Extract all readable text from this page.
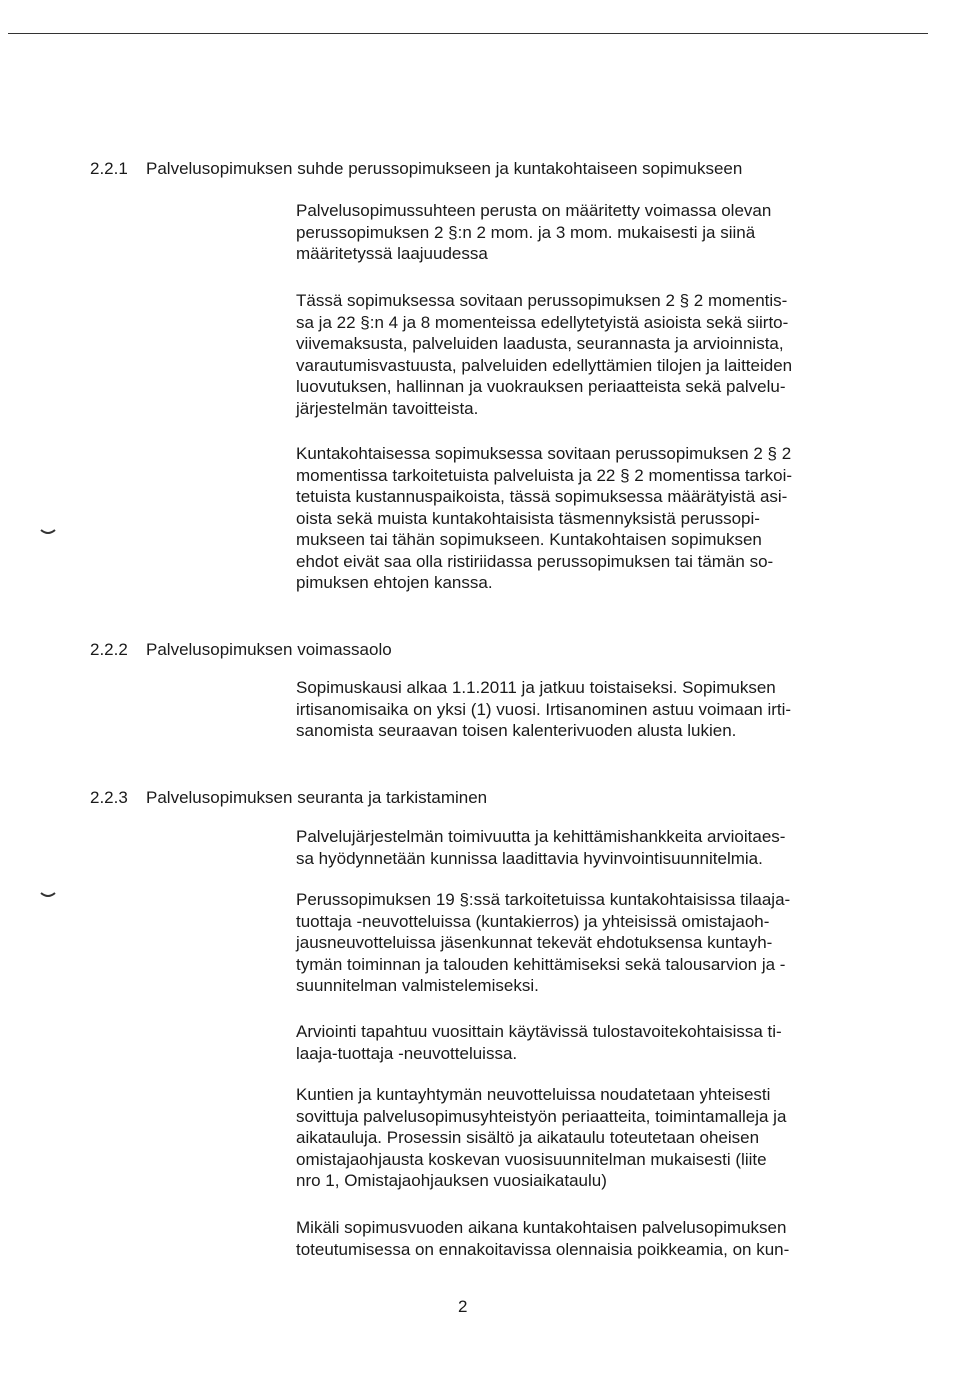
2.2.1 Palvelusopimuksen suhde perussopimukseen ja kuntakohtaiseen sopimukseen

Palvelusopimussuhteen perusta on määritetty voimassa olevan
perussopimuksen 2 §:n 2 mom. ja 3 mom. mukaisesti ja siinä
määritetyssä laajuudessa

Tässä sopimuksessa sovitaan perussopimuksen 2 § 2 momentis-
sa ja 22 §:n 4 ja 8 momenteissa edellytetyistä asioista sekä siirto-
viivemaksusta, palveluiden laadusta, seurannasta ja arvioinnista,
varautumisvastuusta, palveluiden edellyttämien tilojen ja laitteiden
luovutuksen, hallinnan ja vuokrauksen periaatteista sekä palvelu-
järjestelmän tavoitteista.

Kuntakohtaisessa sopimuksessa sovitaan perussopimuksen 2 § 2
momentissa tarkoitetuista palveluista ja 22 § 2 momentissa tarkoi-
tetuista kustannuspaikoista, tässä sopimuksessa määrätyistä asi-
oista sekä muista kuntakohtaisista täsmennyksistä perussopi-
mukseen tai tähän sopimukseen. Kuntakohtaisen sopimuksen
ehdot eivät saa olla ristiriidassa perussopimuksen tai tämän so-
pimuksen ehtojen kanssa.

2.2.2 Palvelusopimuksen voimassaolo

Sopimuskausi alkaa 1.1.2011 ja jatkuu toistaiseksi. Sopimuksen
irtisanomisaika on yksi (1) vuosi. Irtisanominen astuu voimaan irti-
sanomista seuraavan toisen kalenterivuoden alusta lukien.

2.2.3 Palvelusopimuksen seuranta ja tarkistaminen

Palvelujärjestelmän toimivuutta ja kehittämishankkeita arvioitaes-
sa hyödynnetään kunnissa laadittavia hyvinvointisuunnitelmia.

Perussopimuksen 19 §:ssä tarkoitetuissa kuntakohtaisissa tilaaja-
tuottaja -neuvotteluissa (kuntakierros) ja yhteisissä omistajaoh-
jausneuvotteluissa jäsenkunnat tekevät ehdotuksensa kuntayh-
tymän toiminnan ja talouden kehittämiseksi sekä talousarvion ja -
suunnitelman valmistelemiseksi.

Arviointi tapahtuu vuosittain käytävissä tulostavoitekohtaisissa ti-
laaja-tuottaja -neuvotteluissa.

Kuntien ja kuntayhtymän neuvotteluissa noudatetaan yhteisesti
sovittuja palvelusopimusyhteistyön periaatteita, toimintamalleja ja
aikatauluja. Prosessin sisältö ja aikataulu toteutetaan oheisen
omistajaohjausta koskevan vuosisuunnitelman mukaisesti (liite
nro 1, Omistajaohjauksen vuosiaikataulu)

Mikäli sopimusvuoden aikana kuntakohtaisen palvelusopimuksen
toteutumisessa on ennakoitavissa olennaisia poikkeamia, on kun-

2
